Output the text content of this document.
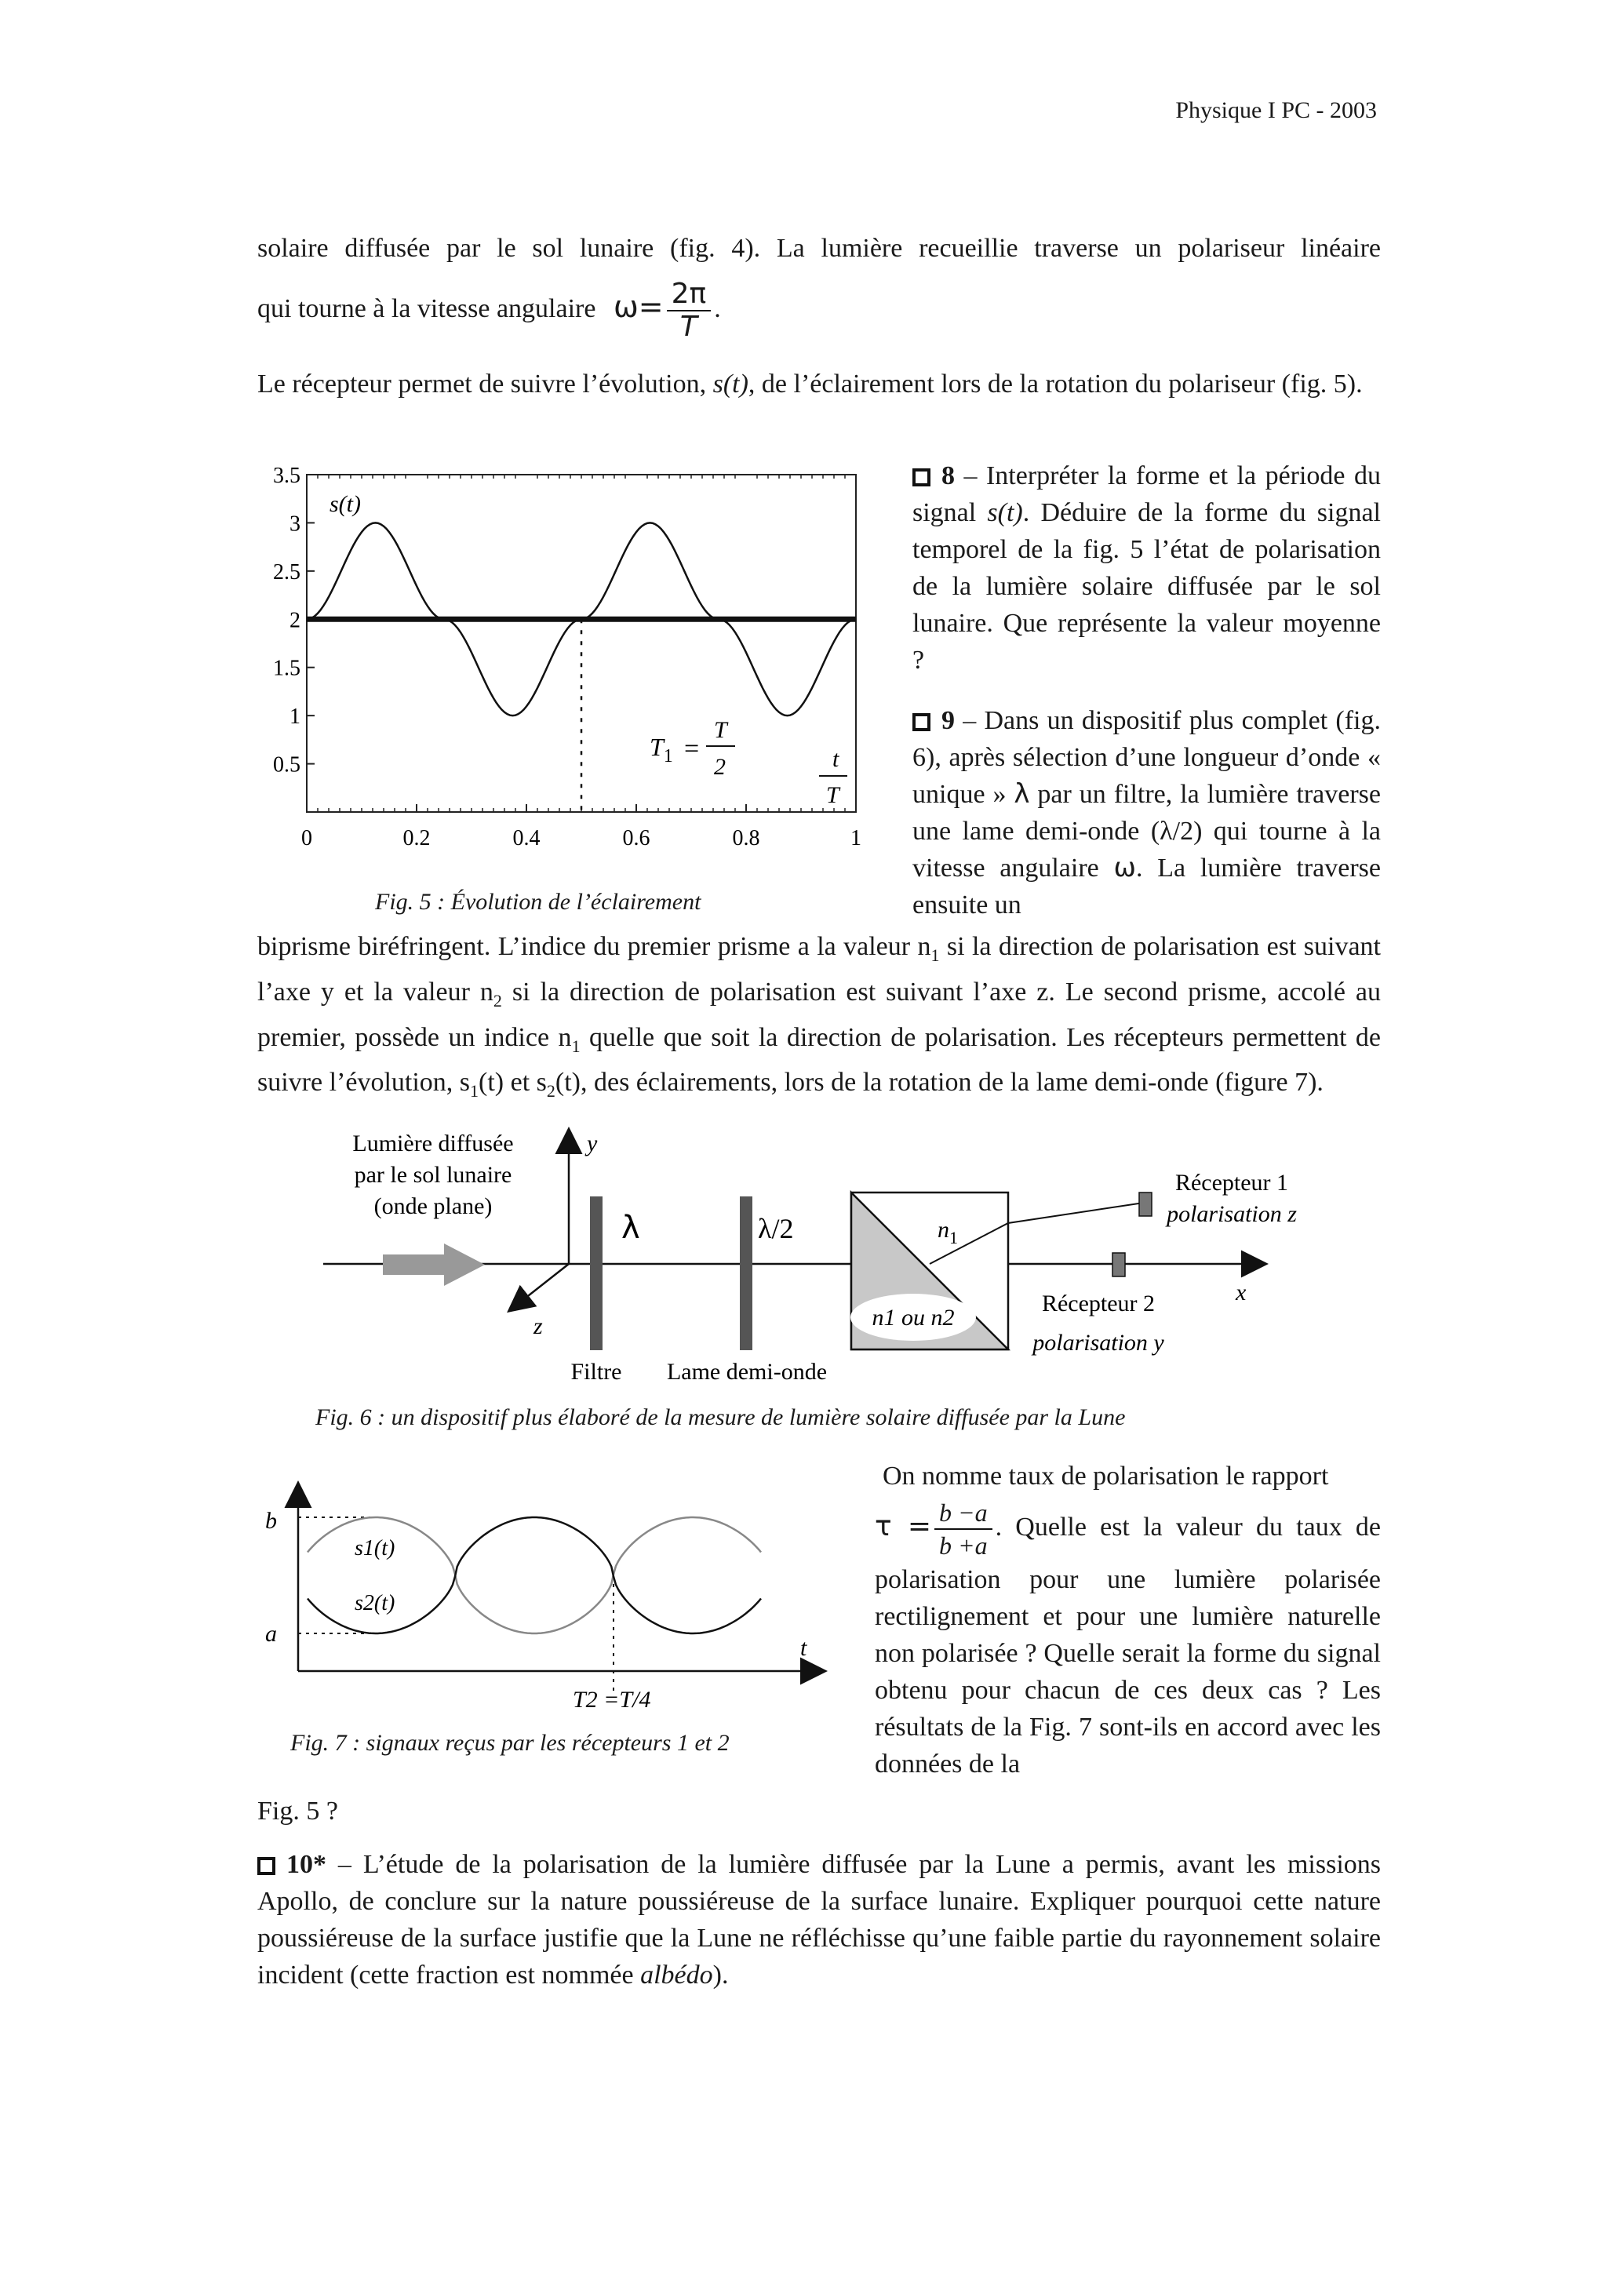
Physique I PC - 2003
solaire diffusée par le sol lunaire (fig. 4). La lumière recueillie traverse un polariseur linéaire
qui tourne à la vitesse angulaire $\omega= \frac{2\pi}{T}$ .
Le récepteur permet de suivre l’évolution, s(t), de l’éclairement lors de la rotation du polariseur (fig. 5).
3.5
3
2.5
2
1.5
1
0.5
0	0.2	0.4	0.6	0.8	1
s(t)
$T_1$ =
T
2	t
T
Fig. 5 : Évolution de l’éclairement
8 – Interpréter la forme et la période du signal s(t). Déduire de la forme du signal temporel de la fig. 5 l’état de polarisation de la lumière solaire diffusée par le sol lunaire. Que représente la valeur moyenne ?
9 – Dans un dispositif plus complet (fig. 6), après sélection d’une longueur d’onde « unique » λ par un filtre, la lumière traverse une lame demi-onde (λ/2) qui tourne à la vitesse angulaire ω. La lumière traverse ensuite un
biprisme biréfringent. L’indice du premier prisme a la valeur $n_1$ si la direction de polarisation est suivant l’axe y et la valeur $n_2$ si la direction de polarisation est suivant l’axe z. Le second prisme, accolé au premier, possède un indice $n_1$ quelle que soit la direction de polarisation. Les récepteurs permettent de suivre l’évolution, $s_1(t)$ et $s_2(t)$, des éclairements, lors de la rotation de la lame demi-onde (figure 7).
Lumière diffusée
par le sol lunaire
(onde plane)
x
y
z
λ	λ/2
n1 ou n2
$n_1$
Récepteur 1
polarisation z
Récepteur 2
polarisation y
Filtre Lame demi-onde
Fig. 6 : un dispositif plus élaboré de la mesure de lumière solaire diffusée par la Lune
b
a
s1(t)
s2(t)
t
T2 =T/4
Fig. 7 : signaux reçus par les récepteurs 1 et 2
On nomme taux de polarisation le rapport
$\tau = \frac{b -a}{b +a}$ . Quelle est la valeur du taux de polarisation pour une lumière polarisée rectilignement et pour une lumière naturelle non polarisée ? Quelle serait la forme du signal obtenu pour chacun de ces deux cas ? Les résultats de la Fig. 7 sont-ils en accord avec les données de la
Fig. 5 ?
10* – L’étude de la polarisation de la lumière diffusée par la Lune a permis, avant les missions Apollo, de conclure sur la nature poussiéreuse de la surface lunaire. Expliquer pourquoi cette nature poussiéreuse de la surface justifie que la Lune ne réfléchisse qu’une faible partie du rayonnement solaire incident (cette fraction est nommée albédo).
